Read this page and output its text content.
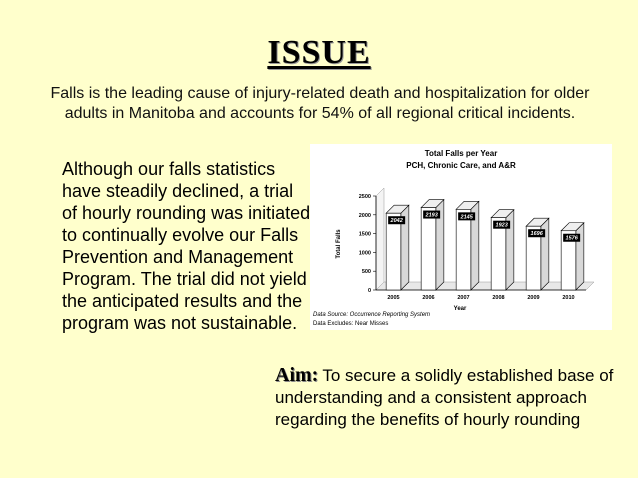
ISSUE
Falls is the leading cause of injury-related death and hospitalization for older adults in Manitoba and accounts for 54% of all regional critical incidents.
Although our falls statistics have steadily declined, a trial of hourly rounding was initiated to continually evolve our Falls Prevention and Management Program. The trial did not yield the anticipated results and the program was not sustainable.
Total Falls per Year
PCH, Chronic Care, and A&R
Year
Total Falls
Data Source: Occurrence Reporting System
Data Excludes: Near Misses
0
500
1000
1500
2000
2500
2042
2005
2193
2006
2145
2007
1923
2008
1696
2009
1576
2010
Aim: To secure a solidly established base of understanding and a consistent approach regarding the benefits of hourly rounding
